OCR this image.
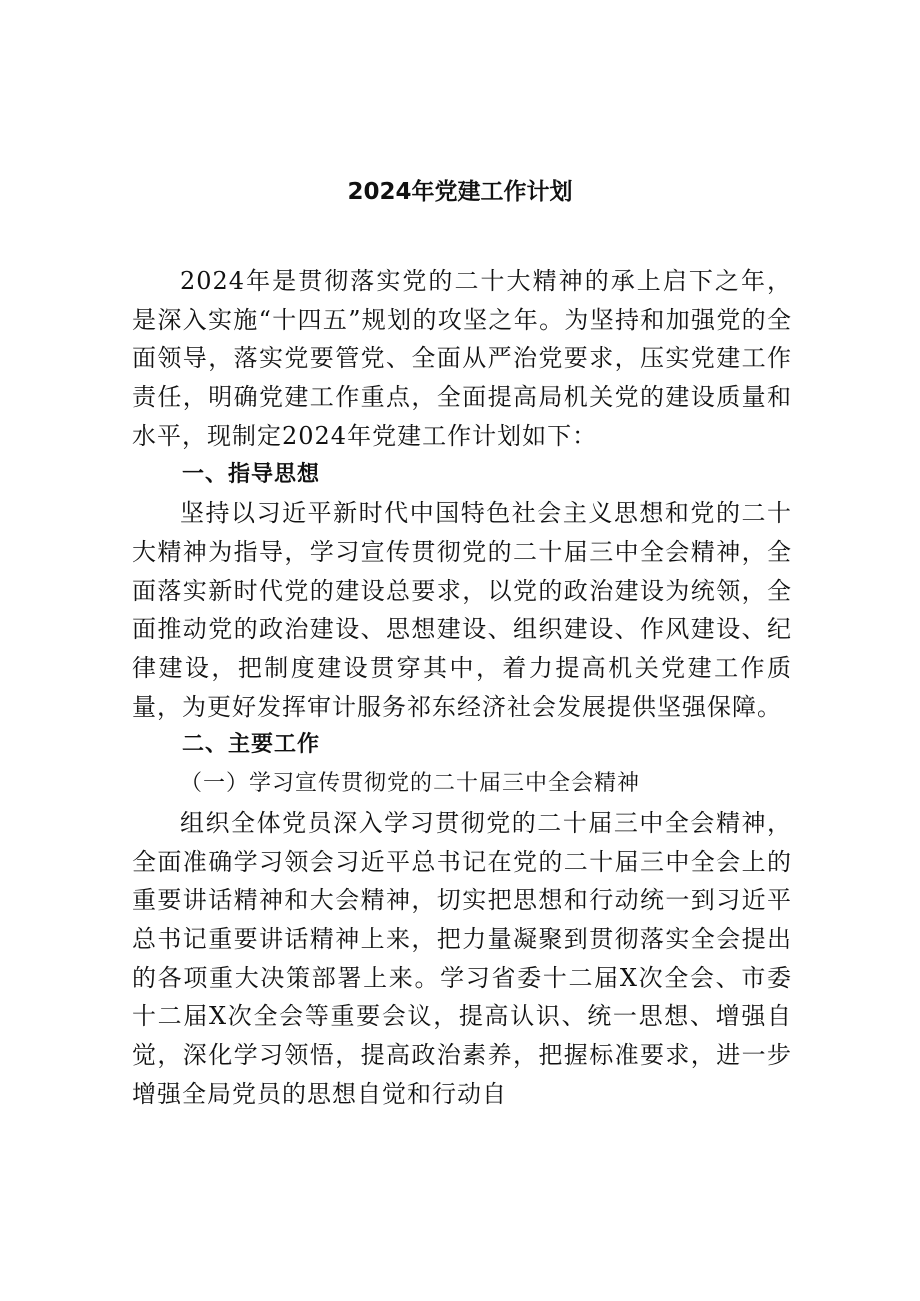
2024年党建工作计划

2024年是贯彻落实党的二十大精神的承上启下之年，是深入实施“十四五”规划的攻坚之年。为坚持和加强党的全面领导，落实党要管党、全面从严治党要求，压实党建工作责任，明确党建工作重点，全面提高局机关党的建设质量和水平，现制定2024年党建工作计划如下：

一、指导思想

坚持以习近平新时代中国特色社会主义思想和党的二十大精神为指导，学习宣传贯彻党的二十届三中全会精神，全面落实新时代党的建设总要求，以党的政治建设为统领，全面推动党的政治建设、思想建设、组织建设、作风建设、纪律建设，把制度建设贯穿其中，着力提高机关党建工作质量，为更好发挥审计服务祁东经济社会发展提供坚强保障。

二、主要工作

（一）学习宣传贯彻党的二十届三中全会精神

组织全体党员深入学习贯彻党的二十届三中全会精神，全面准确学习领会习近平总书记在党的二十届三中全会上的重要讲话精神和大会精神，切实把思想和行动统一到习近平总书记重要讲话精神上来，把力量凝聚到贯彻落实全会提出的各项重大决策部署上来。学习省委十二届X次全会、市委十二届X次全会等重要会议，提高认识、统一思想、增强自觉，深化学习领悟，提高政治素养，把握标准要求，进一步增强全局党员的思想自觉和行动自
